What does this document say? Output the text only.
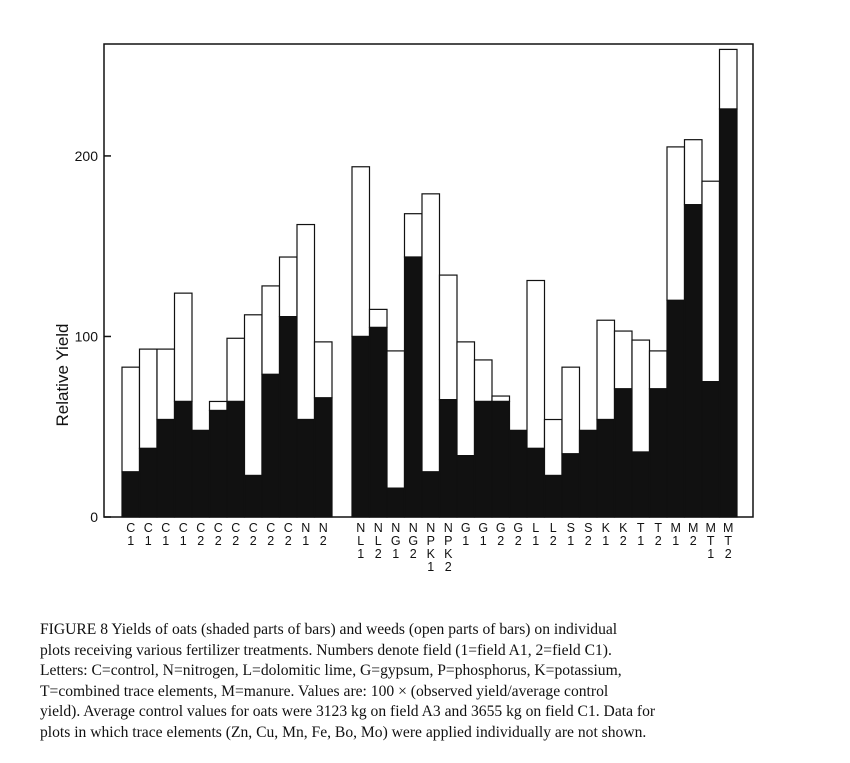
0
100
200
C
1
C
1
C
1
C
1
C
2
C
2
C
2
C
2
C
2
C
2
N
1
N
2
N
L
1
N
L
2
N
G
1
N
G
2
N
P
K
1
N
P
K
2
G
1
G
1
G
2
G
2
L
1
L
2
S
1
S
2
K
1
K
2
T
1
T
2
M
1
M
2
M
T
1
M
T
2
Relative Yield

FIGURE 8 Yields of oats (shaded parts of bars) and weeds (open parts of bars) on individual

plots receiving various fertilizer treatments. Numbers denote field (1=field A1, 2=field C1).

Letters: C=control, N=nitrogen, L=dolomitic lime, G=gypsum, P=phosphorus, K=potassium,

T=combined trace elements, M=manure. Values are: 100 × (observed yield/average control

yield). Average control values for oats were 3123 kg on field A3 and 3655 kg on field C1. Data for

plots in which trace elements (Zn, Cu, Mn, Fe, Bo, Mo) were applied individually are not shown.
